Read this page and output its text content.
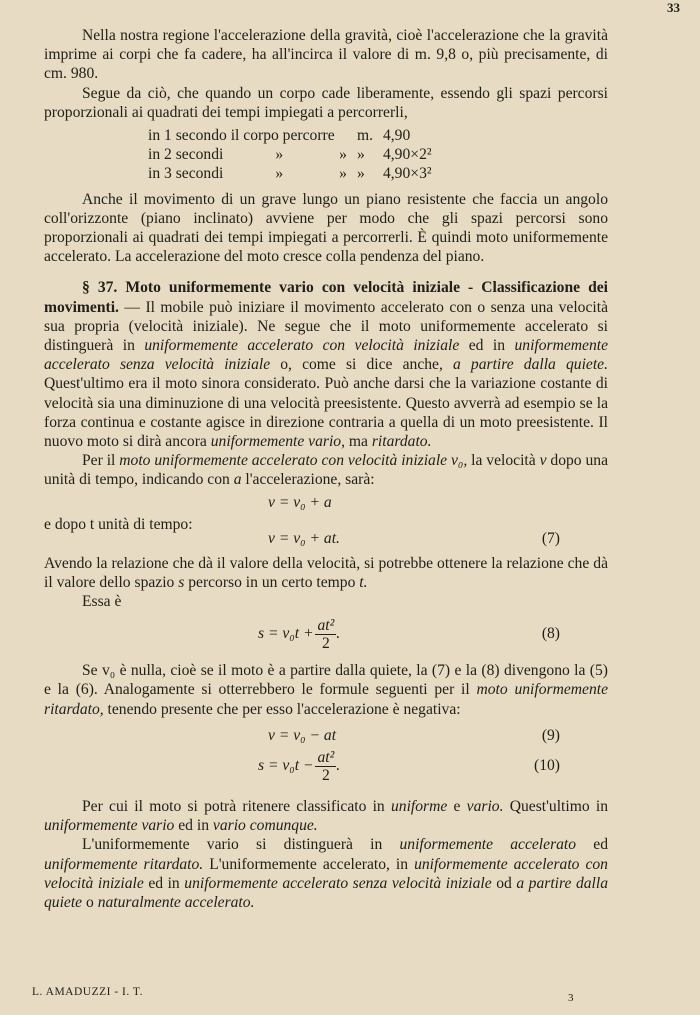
33

Nella nostra regione l'accelerazione della gravità, cioè l'accelerazione che la gravità imprime ai corpi che fa cadere, ha all'incirca il valore di m. 9,8 o, più precisamente, di cm. 980.

Segue da ciò, che quando un corpo cade liberamente, essendo gli spazi percorsi proporzionali ai quadrati dei tempi impiegati a percorrerli,

in 1 secondo il corpo percorre	m.	4,90
in 2 secondi » »	»	4,90×2²
in 3 secondi » »	»	4,90×3²

Anche il movimento di un grave lungo un piano resistente che faccia un angolo coll'orizzonte (piano inclinato) avviene per modo che gli spazi percorsi sono proporzionali ai quadrati dei tempi impiegati a percorrerli. È quindi moto uniformemente accelerato. La accelerazione del moto cresce colla pendenza del piano.

§ 37. Moto uniformemente vario con velocità iniziale - Classificazione dei movimenti. — Il mobile può iniziare il movimento accelerato con o senza una velocità sua propria (velocità iniziale). Ne segue che il moto uniformemente accelerato si distinguerà in uniformemente accelerato con velocità iniziale ed in uniformemente accelerato senza velocità iniziale o, come si dice anche, a partire dalla quiete. Quest'ultimo era il moto sinora considerato. Può anche darsi che la variazione costante di velocità sia una diminuzione di una velocità preesistente. Questo avverrà ad esempio se la forza continua e costante agisce in direzione contraria a quella di un moto preesistente. Il nuovo moto si dirà ancora uniformemente vario, ma ritardato.

Per il moto uniformemente accelerato con velocità iniziale v₀, la velocità v dopo una unità di tempo, indicando con a l'accelerazione, sarà:

v = v₀ + a
e dopo t unità di tempo:
v = v₀ + at.	(7)

Avendo la relazione che dà il valore della velocità, si potrebbe ottenere la relazione che dà il valore dello spazio s percorso in un certo tempo t.

Essa è

$s = v_0t + \frac{\text{at²}}{2}$ .	(8)

Se v₀ è nulla, cioè se il moto è a partire dalla quiete, la (7) e la (8) divengono la (5) e la (6). Analogamente si otterrebbero le formule seguenti per il moto uniformemente ritardato, tenendo presente che per esso l'accelerazione è negativa:

v = v₀ − at	(9)
$s = v_0t - \frac{\text{at²}}{2}$ .	(10)

Per cui il moto si potrà ritenere classificato in uniforme e vario. Quest'ultimo in uniformemente vario ed in vario comunque.

L'uniformemente vario si distinguerà in uniformemente accelerato ed uniformemente ritardato. L'uniformemente accelerato, in uniformemente accelerato con velocità iniziale ed in uniformemente accelerato senza velocità iniziale od a partire dalla quiete o naturalmente accelerato.

L. AMADUZZI - I. T.	3
